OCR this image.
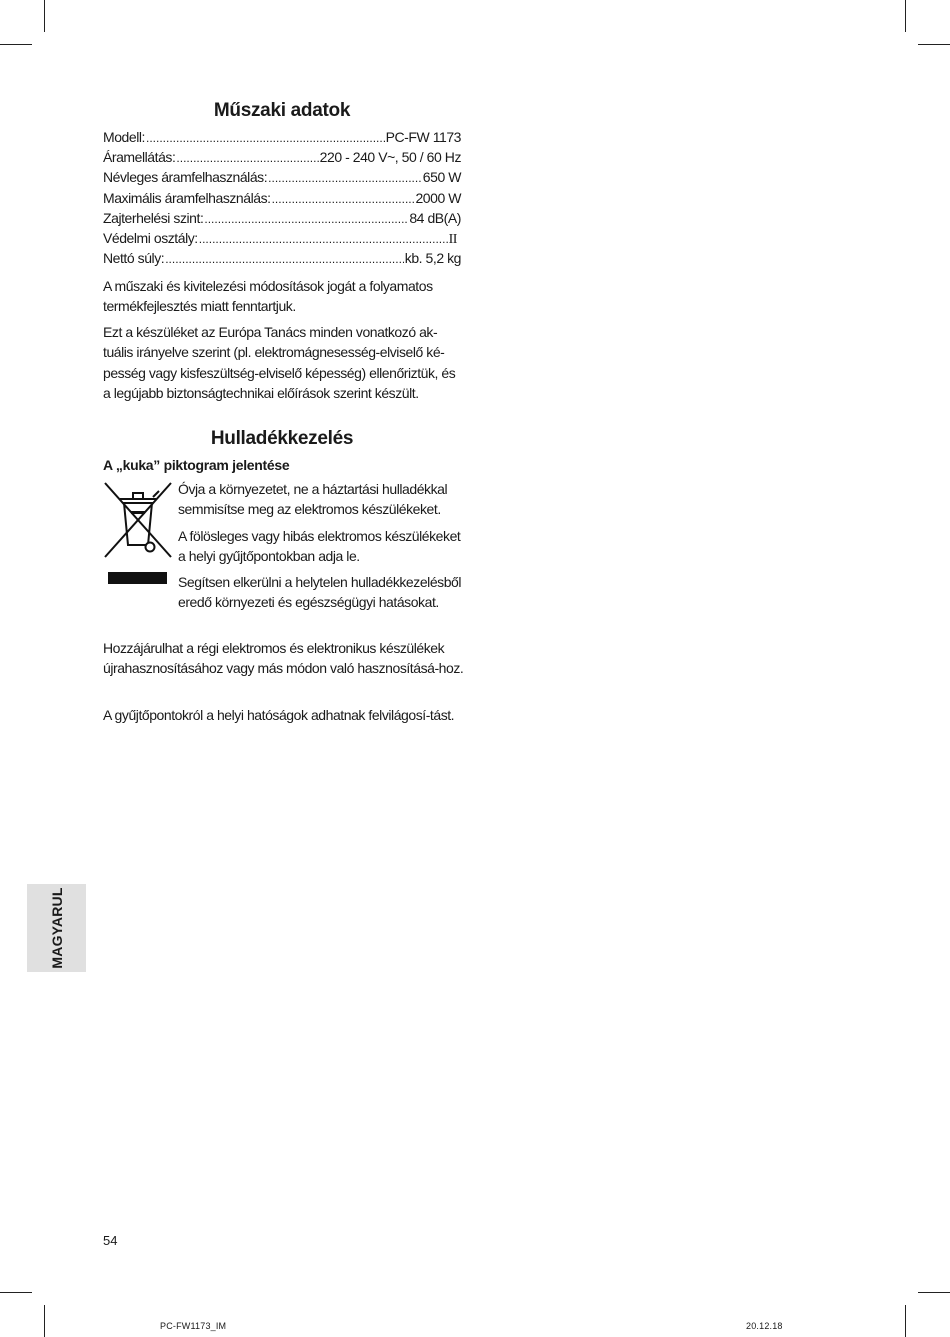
Műszaki adatok
Modell: .....	PC-FW 1173
Áramellátás: .....	220 - 240 V~, 50 / 60 Hz
Névleges áramfelhasználás: .....	650 W
Maximális áramfelhasználás: .....	2000 W
Zajterhelési szint: .....	84 dB(A)
Védelmi osztály: .....	II
Nettó súly: .....	kb. 5,2 kg

A műszaki és kivitelezési módosítások jogát a folyamatos termékfejlesztés miatt fenntartjuk.

Ezt a készüléket az Európa Tanács minden vonatkozó ak-tuális irányelve szerint (pl. elektromágnesesség-elviselő ké-pesség vagy kisfeszültség-elviselő képesség) ellenőriztük, és a legújabb biztonságtechnikai előírások szerint készült.

Hulladékkezelés
A „kuka” piktogram jelentése

Óvja a környezetet, ne a háztartási hulladékkal semmisítse meg az elektromos készülékeket.

A fölösleges vagy hibás elektromos készülékeket a helyi gyűjtőpontokban adja le.

Segítsen elkerülni a helytelen hulladékkezelésből eredő környezeti és egészségügyi hatásokat.

Hozzájárulhat a régi elektromos és elektronikus készülékek újrahasznosításához vagy más módon való hasznosításá-hoz.

A gyűjtőpontokról a helyi hatóságok adhatnak felvilágosí-tást.

MAGYARUL
54
PC-FW1173_IM	20.12.18
